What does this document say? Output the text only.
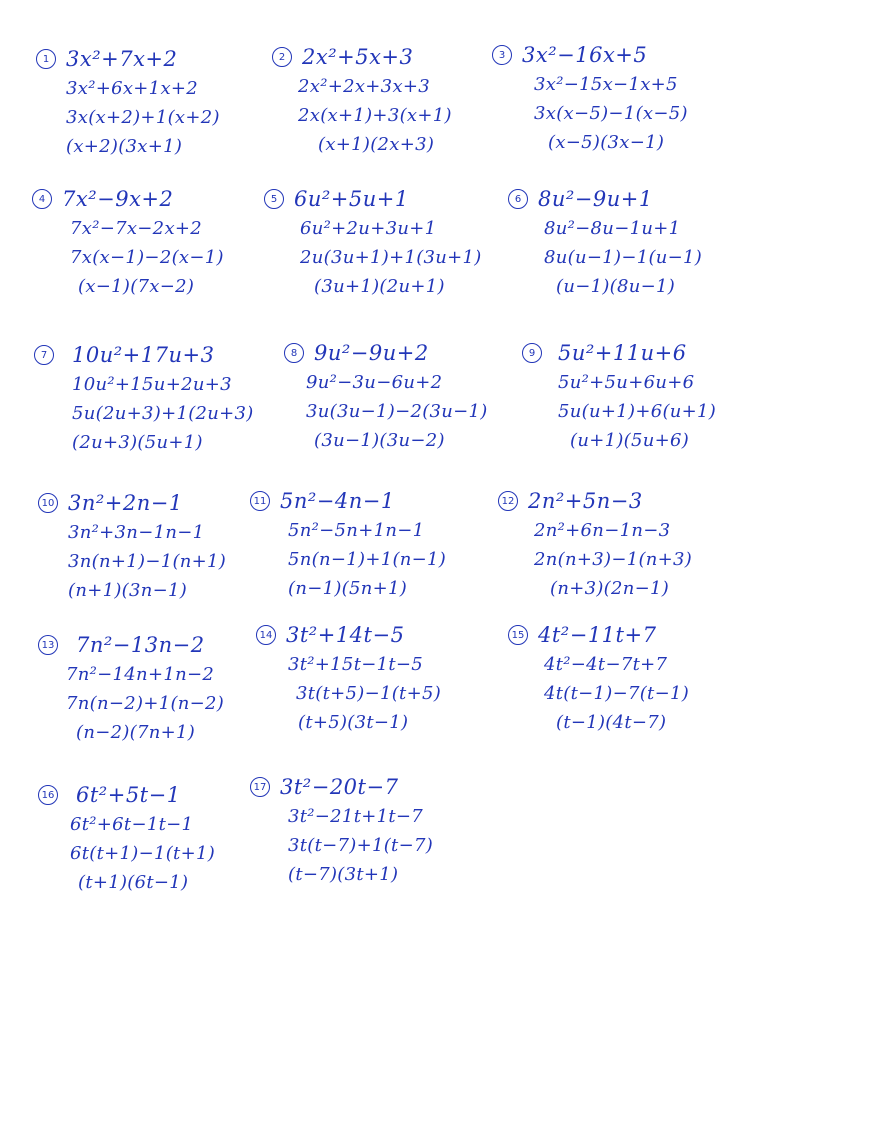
1 3x²+7x+2
3x²+6x+1x+2
3x(x+2)+1(x+2)
(x+2)(3x+1)
2 2x²+5x+3
2x²+2x+3x+3
2x(x+1)+3(x+1)
(x+1)(2x+3)
3 3x²−16x+5
3x²−15x−1x+5
3x(x−5)−1(x−5)
(x−5)(3x−1)
4 7x²−9x+2
7x²−7x−2x+2
7x(x−1)−2(x−1)
(x−1)(7x−2)
5 6u²+5u+1
6u²+2u+3u+1
2u(3u+1)+1(3u+1)
(3u+1)(2u+1)
6 8u²−9u+1
8u²−8u−1u+1
8u(u−1)−1(u−1)
(u−1)(8u−1)
7	10u²+17u+3
10u²+15u+2u+3
5u(2u+3)+1(2u+3)
(2u+3)(5u+1)
8 9u²−9u+2
9u²−3u−6u+2
3u(3u−1)−2(3u−1)
(3u−1)(3u−2)
9	5u²+11u+6
5u²+5u+6u+6
5u(u+1)+6(u+1)
(u+1)(5u+6)
10 3n²+2n−1
3n²+3n−1n−1
3n(n+1)−1(n+1)
(n+1)(3n−1)
11 5n²−4n−1
5n²−5n+1n−1
5n(n−1)+1(n−1)
(n−1)(5n+1)
12 2n²+5n−3
2n²+6n−1n−3
2n(n+3)−1(n+3)
(n+3)(2n−1)
13 7n²−13n−2
7n²−14n+1n−2
7n(n−2)+1(n−2)
(n−2)(7n+1)
14 3t²+14t−5
3t²+15t−1t−5
3t(t+5)−1(t+5)
(t+5)(3t−1)
15 4t²−11t+7
4t²−4t−7t+7
4t(t−1)−7(t−1)
(t−1)(4t−7)
16 6t²+5t−1
6t²+6t−1t−1
6t(t+1)−1(t+1)
(t+1)(6t−1)
17 3t²−20t−7
3t²−21t+1t−7
3t(t−7)+1(t−7)
(t−7)(3t+1)
